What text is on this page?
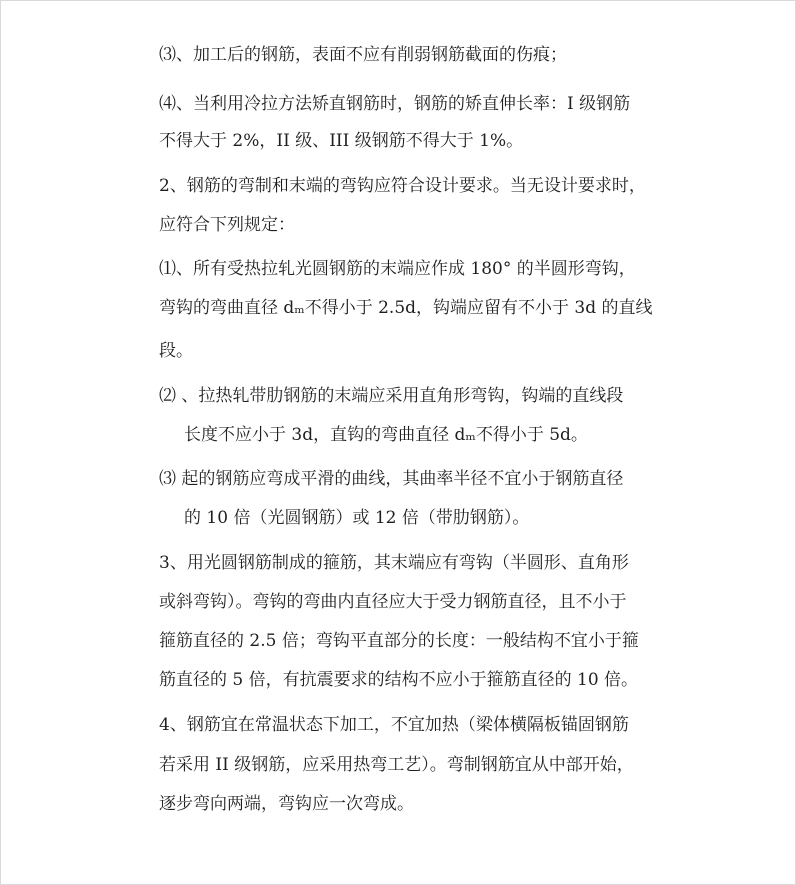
⑶、加工后的钢筋，表面不应有削弱钢筋截面的伤痕；
⑷、当利用冷拉方法矫直钢筋时，钢筋的矫直伸长率：I 级钢筋
不得大于 2%，II 级、III 级钢筋不得大于 1%。
2、钢筋的弯制和末端的弯钩应符合设计要求。当无设计要求时，
应符合下列规定：
⑴、所有受热拉轧光圆钢筋的末端应作成 180° 的半圆形弯钩，
弯钩的弯曲直径 dₘ不得小于 2.5d，钩端应留有不小于 3d 的直线
段。
⑵ 、拉热轧带肋钢筋的末端应采用直角形弯钩，钩端的直线段
长度不应小于 3d，直钩的弯曲直径 dₘ不得小于 5d。
⑶ 起的钢筋应弯成平滑的曲线，其曲率半径不宜小于钢筋直径
的 10 倍（光圆钢筋）或 12 倍（带肋钢筋）。
3、用光圆钢筋制成的箍筋，其末端应有弯钩（半圆形、直角形
或斜弯钩）。弯钩的弯曲内直径应大于受力钢筋直径，且不小于
箍筋直径的 2.5 倍；弯钩平直部分的长度：一般结构不宜小于箍
筋直径的 5 倍，有抗震要求的结构不应小于箍筋直径的 10 倍。
4、钢筋宜在常温状态下加工，不宜加热（梁体横隔板锚固钢筋
若采用 II 级钢筋，应采用热弯工艺）。弯制钢筋宜从中部开始，
逐步弯向两端，弯钩应一次弯成。
